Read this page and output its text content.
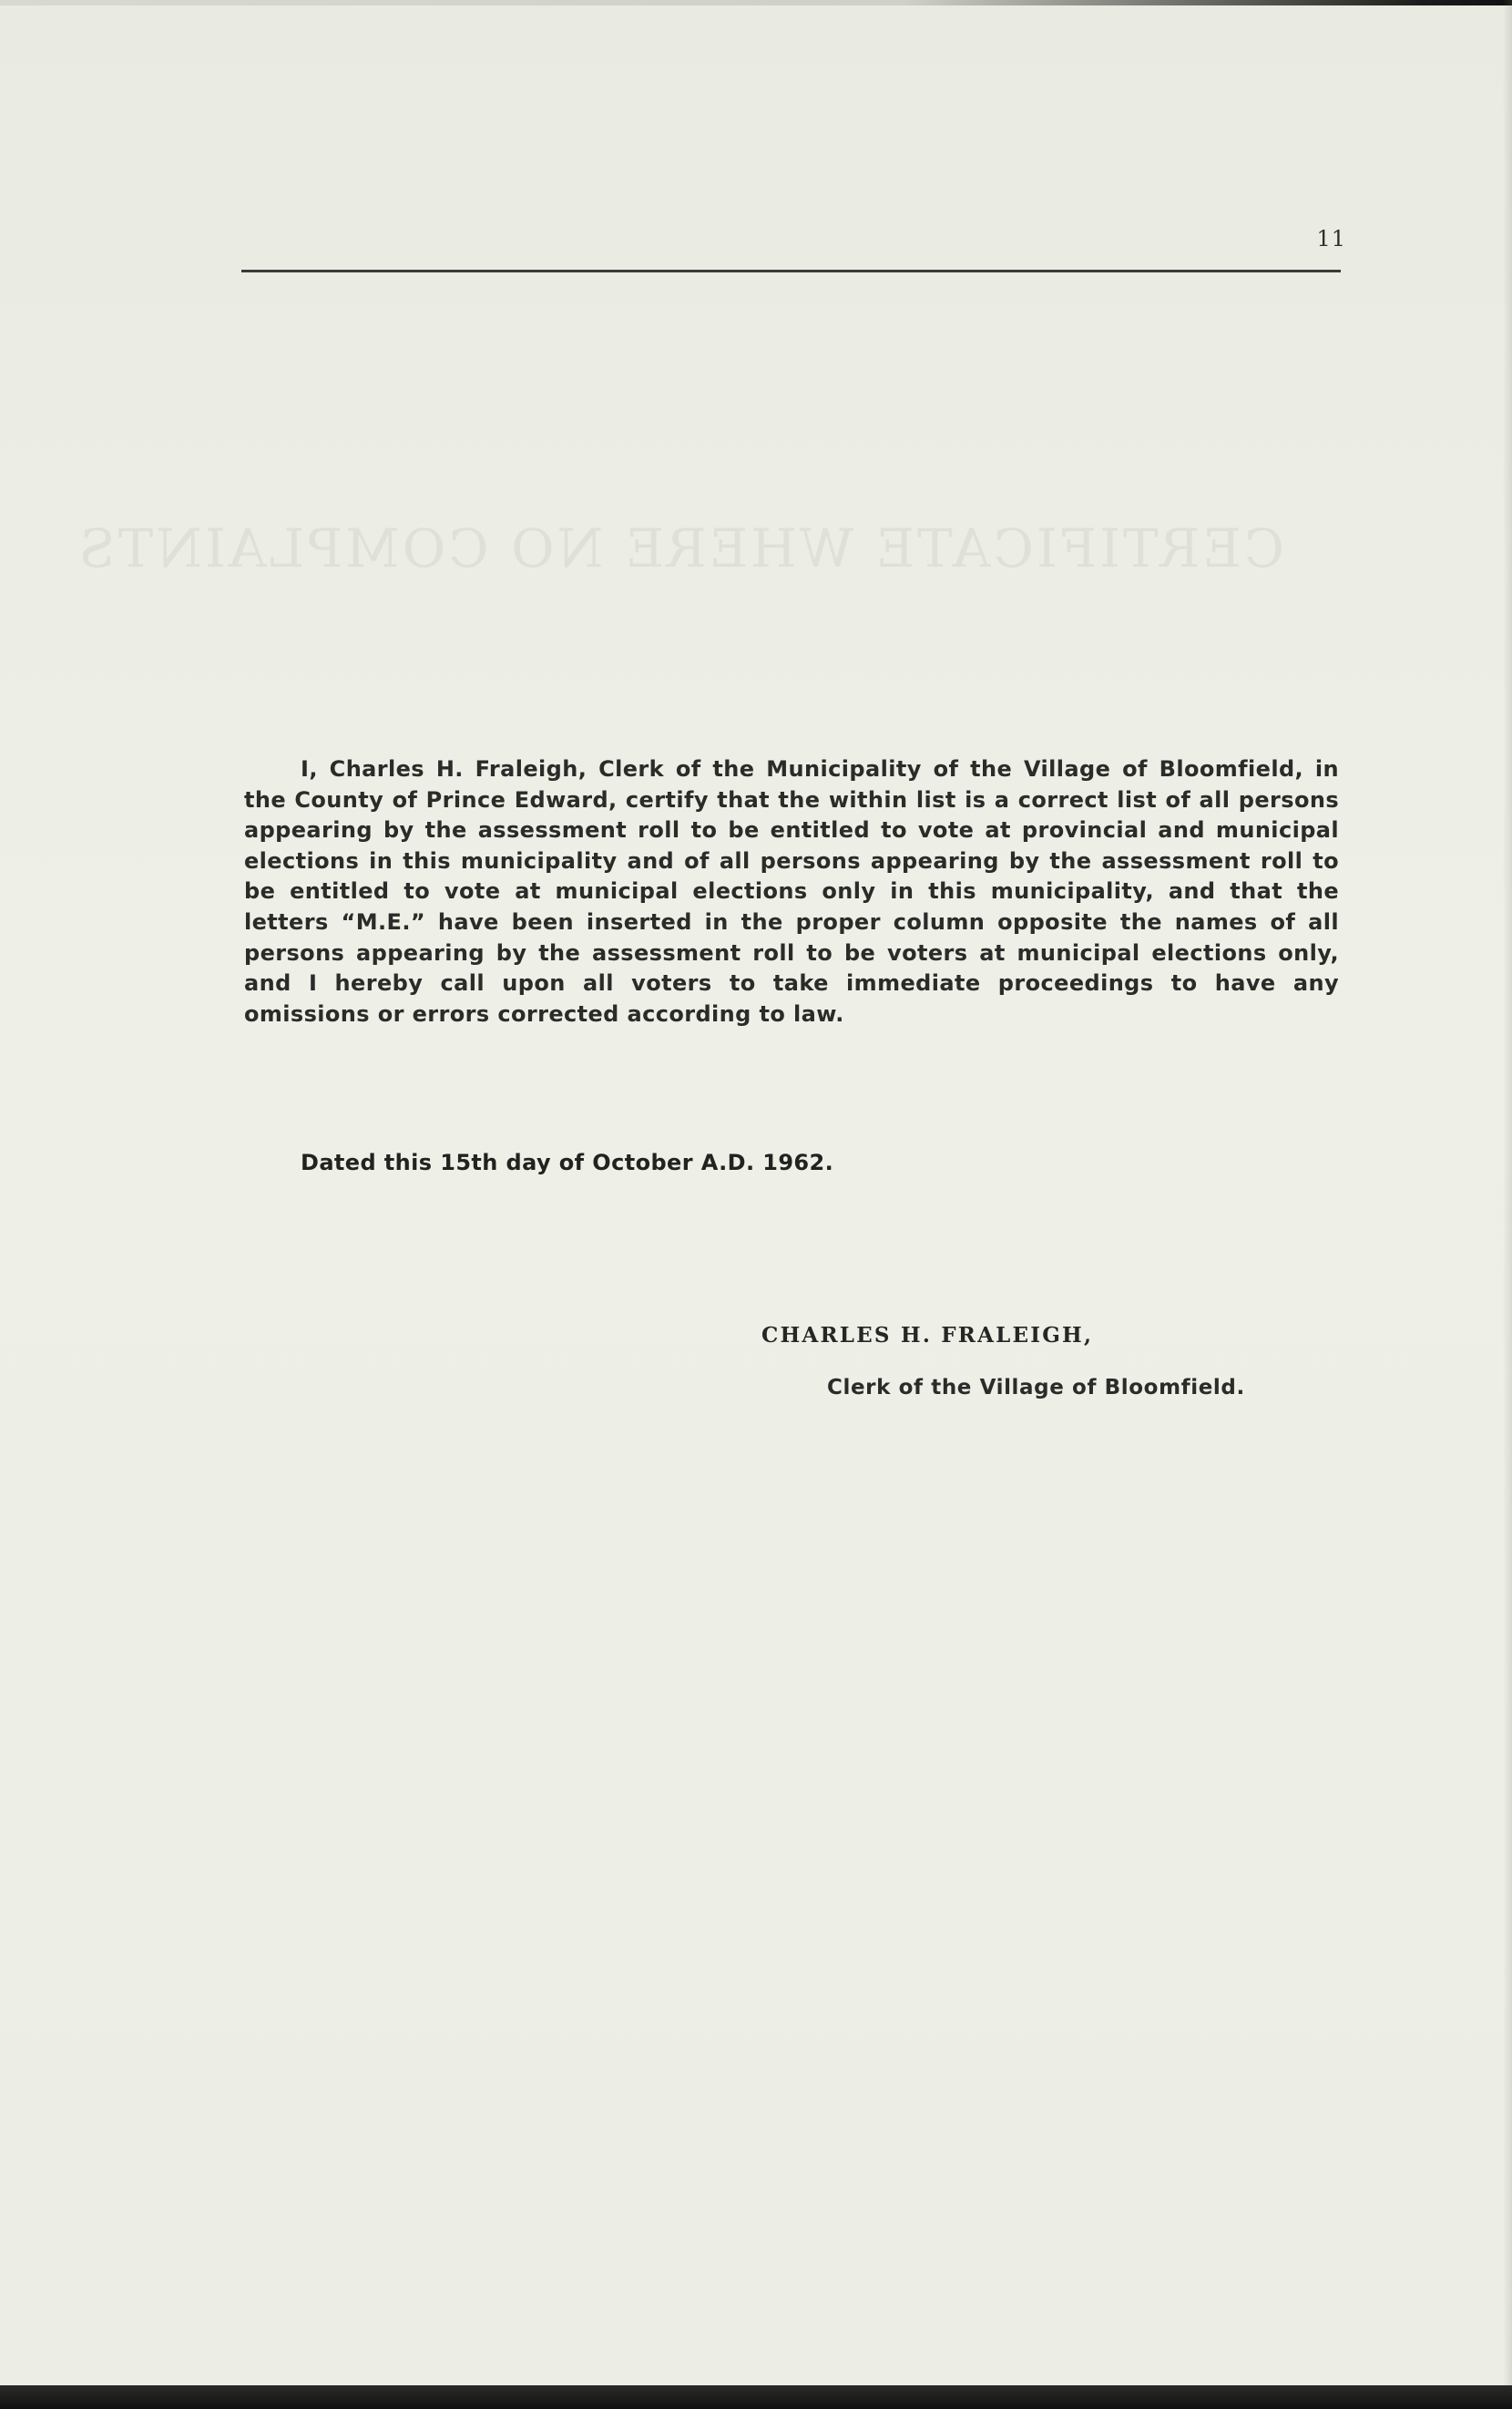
11
CERTIFICATE WHERE NO COMPLAINTS

I, Charles H. Fraleigh, Clerk of the Municipality of the Village of Bloomfield, in the County of Prince Edward, certify that the within list is a correct list of all persons appearing by the assessment roll to be entitled to vote at provincial and municipal elections in this municipality and of all persons appearing by the assessment roll to be entitled to vote at municipal elections only in this municipality, and that the letters “M.E.” have been inserted in the proper column opposite the names of all persons appearing by the assessment roll to be voters at municipal elections only, and I hereby call upon all voters to take immediate proceedings to have any omissions or errors corrected according to law.

Dated this 15th day of October A.D. 1962.

CHARLES H. FRALEIGH,

Clerk of the Village of Bloomfield.
